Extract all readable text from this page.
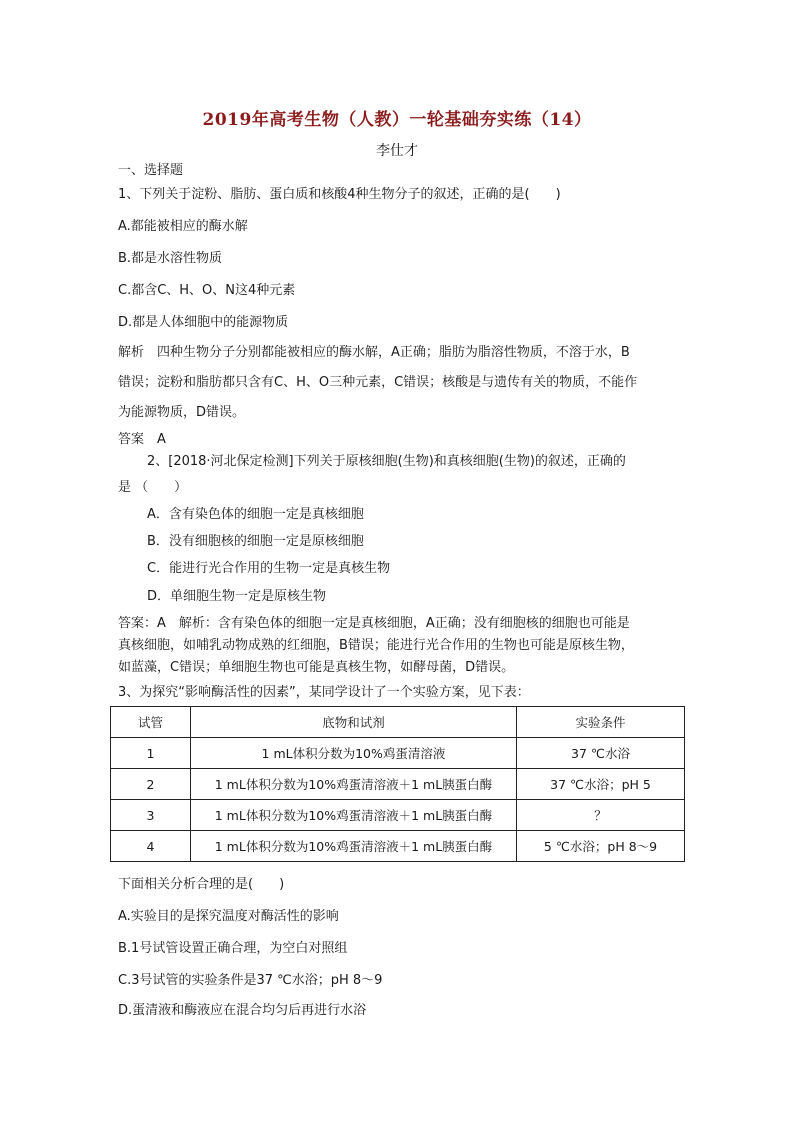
2019年高考生物（人教）一轮基础夯实练（14）
李仕才
一、选择题
1、下列关于淀粉、脂肪、蛋白质和核酸4种生物分子的叙述，正确的是(　　)
A.都能被相应的酶水解
B.都是水溶性物质
C.都含C、H、O、N这4种元素
D.都是人体细胞中的能源物质
解析　四种生物分子分别都能被相应的酶水解，A正确；脂肪为脂溶性物质，不溶于水，B
错误；淀粉和脂肪都只含有C、H、O三种元素，C错误；核酸是与遗传有关的物质，不能作
为能源物质，D错误。
答案　A
2、[2018·河北保定检测]下列关于原核细胞(生物)和真核细胞(生物)的叙述，正确的
是 （　　）
A．含有染色体的细胞一定是真核细胞
B．没有细胞核的细胞一定是原核细胞
C．能进行光合作用的生物一定是真核生物
D．单细胞生物一定是原核生物
答案：A　解析：含有染色体的细胞一定是真核细胞，A正确；没有细胞核的细胞也可能是
真核细胞，如哺乳动物成熟的红细胞，B错误；能进行光合作用的生物也可能是原核生物，
如蓝藻，C错误；单细胞生物也可能是真核生物，如酵母菌，D错误。
3、为探究“影响酶活性的因素”，某同学设计了一个实验方案，见下表：
试管	底物和试剂	实验条件
1	1 mL体积分数为10%鸡蛋清溶液	37 ℃水浴
2	1 mL体积分数为10%鸡蛋清溶液＋1 mL胰蛋白酶	37 ℃水浴；pH 5
3	1 mL体积分数为10%鸡蛋清溶液＋1 mL胰蛋白酶	？
4	1 mL体积分数为10%鸡蛋清溶液＋1 mL胰蛋白酶	5 ℃水浴；pH 8～9
下面相关分析合理的是(　　)
A.实验目的是探究温度对酶活性的影响
B.1号试管设置正确合理，为空白对照组
C.3号试管的实验条件是37 ℃水浴；pH 8～9
D.蛋清液和酶液应在混合均匀后再进行水浴
